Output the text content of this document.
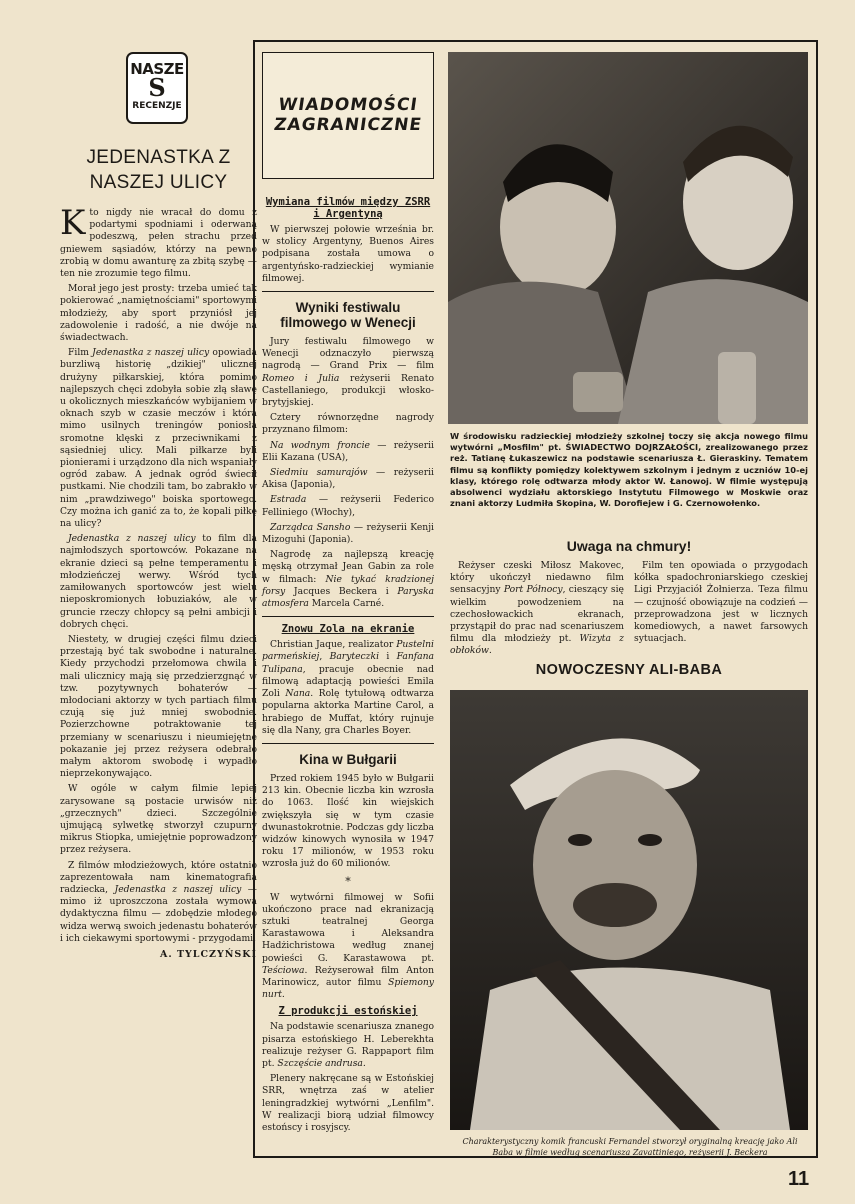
NASZE
S
RECENZJE
JEDENASTKA Z NASZEJ ULICY

Kto nigdy nie wracał do domu z podartymi spodniami i oderwaną podeszwą, pełen strachu przed gniewem sąsiadów, którzy na pewno zrobią w domu awanturę za zbitą szybę — ten nie zrozumie tego filmu.

Morał jego jest prosty: trzeba umieć tak pokierować „namiętnościami" sportowymi młodzieży, aby sport przyniósł jej zadowolenie i radość, a nie dwóje na świadectwach.

Film Jedenastka z naszej ulicy opowiada burzliwą historię „dzikiej" ulicznej drużyny piłkarskiej, która pomimo najlepszych chęci zdobyła sobie złą sławę u okolicznych mieszkańców wybijaniem w oknach szyb w czasie meczów i która mimo usilnych treningów poniosła sromotne klęski z przeciwnikami z sąsiedniej ulicy. Mali piłkarze byli pionierami i urządzono dla nich wspaniały ogród zabaw. A jednak ogród świecił pustkami. Nie chodzili tam, bo zabrakło w nim „prawdziwego" boiska sportowego. Czy można ich ganić za to, że kopali piłkę na ulicy?

Jedenastka z naszej ulicy to film dla najmłodszych sportowców. Pokazane na ekranie dzieci są pełne temperamentu i młodzieńczej werwy. Wśród tych zamiłowanych sportowców jest wielu nieposkromionych łobuziaków, ale w gruncie rzeczy chłopcy są pełni ambicji i dobrych chęci.

Niestety, w drugiej części filmu dzieci przestają być tak swobodne i naturalne. Kiedy przychodzi przełomowa chwila i mali ulicznicy mają się przedzierzgnąć w tzw. pozytywnych bohaterów — młodociani aktorzy w tych partiach filmu czują się już mniej swobodnie. Pozierzchowne potraktowanie tej przemiany w scenariuszu i nieumiejętne pokazanie jej przez reżysera odebrało małym aktorom swobodę i wypadło nieprzekonywająco.

W ogóle w całym filmie lepiej zarysowane są postacie urwisów niż „grzecznych" dzieci. Szczególnie ujmującą sylwetkę stworzył czupurny mikrus Stiopka, umiejętnie poprowadzony przez reżysera.

Z filmów młodzieżowych, które ostatnio zaprezentowała nam kinematografia radziecka, Jedenastka z naszej ulicy — mimo iż uproszczona została wymowa dydaktyczna filmu — zdobędzie młodego widza werwą swoich jedenastu bohaterów i ich ciekawymi sportowymi - przygodami.

A. TYLCZYŃSKI
WIADOMOŚCI
ZAGRANICZNE
Wymiana filmów między ZSRR i Argentyną

W pierwszej połowie września br. w stolicy Argentyny, Buenos Aires podpisana została umowa o argentyńsko-radzieckiej wymianie filmowej.

Wyniki festiwalu filmowego w Wenecji

Jury festiwalu filmowego w Wenecji odznaczyło pierwszą nagrodą — Grand Prix — film Romeo i Julia reżyserii Renato Castellaniego, produkcji włosko-brytyjskiej.

Cztery równorzędne nagrody przyznano filmom:

Na wodnym froncie — reżyserii Elii Kazana (USA),

Siedmiu samurajów — reżyserii Akisa (Japonia),

Estrada — reżyserii Federico Felliniego (Włochy),

Zarządca Sansho — reżyserii Kenji Mizoguhi (Japonia).

Nagrodę za najlepszą kreację męską otrzymał Jean Gabin za role w filmach: Nie tykać kradzionej forsy Jacques Beckera i Paryska atmosfera Marcela Carné.

Znowu Zola na ekranie

Christian Jaque, realizator Pustelni parmeńskiej, Baryteczki i Fanfana Tulipana, pracuje obecnie nad filmową adaptacją powieści Emila Zoli Nana. Rolę tytułową odtwarza popularna aktorka Martine Carol, a hrabiego de Muffat, który rujnuje się dla Nany, gra Charles Boyer.

Kina w Bułgarii

Przed rokiem 1945 było w Bułgarii 213 kin. Obecnie liczba kin wzrosła do 1063. Ilość kin wiejskich zwiększyła się w tym czasie dwunastokrotnie. Podczas gdy liczba widzów kinowych wynosiła w 1947 roku 17 milionów, w 1953 roku wzrosła już do 60 milionów.

*

W wytwórni filmowej w Sofii ukończono prace nad ekranizacją sztuki teatralnej Georga Karastawowa i Aleksandra Hadżichristowa według znanej powieści G. Karastawowa pt. Teściowa. Reżyserował film Anton Marinowicz, autor filmu Spiemony nurt.

Z produkcji estońskiej

Na podstawie scenariusza znanego pisarza estońskiego H. Leberekhta realizuje reżyser G. Rappaport film pt. Szczęście andrusa.

Plenery nakręcane są w Estońskiej SRR, wnętrza zaś w atelier leningradzkiej wytwórni „Lenfilm". W realizacji biorą udział filmowcy estońscy i rosyjscy.

W środowisku radzieckiej młodzieży szkolnej toczy się akcja nowego filmu wytwórni „Mosfilm" pt. ŚWIADECTWO DOJRZAŁOŚCI, zrealizowanego przez reż. Tatianę Łukaszewicz na podstawie scenariusza Ł. Gieraskiny. Tematem filmu są konflikty pomiędzy kolektywem szkolnym i jednym z uczniów 10-ej klasy, którego rolę odtwarza młody aktor W. Łanowoj. W filmie występują absolwenci wydziału aktorskiego Instytutu Filmowego w Moskwie oraz znani aktorzy Ludmiła Skopina, W. Dorofiejew i G. Czernowołenko.
Uwaga na chmury!

Reżyser czeski Miłosz Makovec, który ukończył niedawno film sensacyjny Port Północy, cieszący się wielkim powodzeniem na czechosłowackich ekranach, przystąpił do prac nad scenariuszem filmu dla młodzieży pt. Wizyta z obłoków.

Film ten opowiada o przygodach kółka spadochroniarskiego czeskiej Ligi Przyjaciół Żołnierza. Teza filmu — czujność obowiązuje na codzień — przeprowadzona jest w licznych komediowych, a nawet farsowych sytuacjach.

NOWOCZESNY ALI-BABA
Charakterystyczny komik francuski Fernandel stworzył oryginalną kreację jako Ali Baba w filmie według scenariusza Zavattiniego, reżyserii J. Beckera
11
